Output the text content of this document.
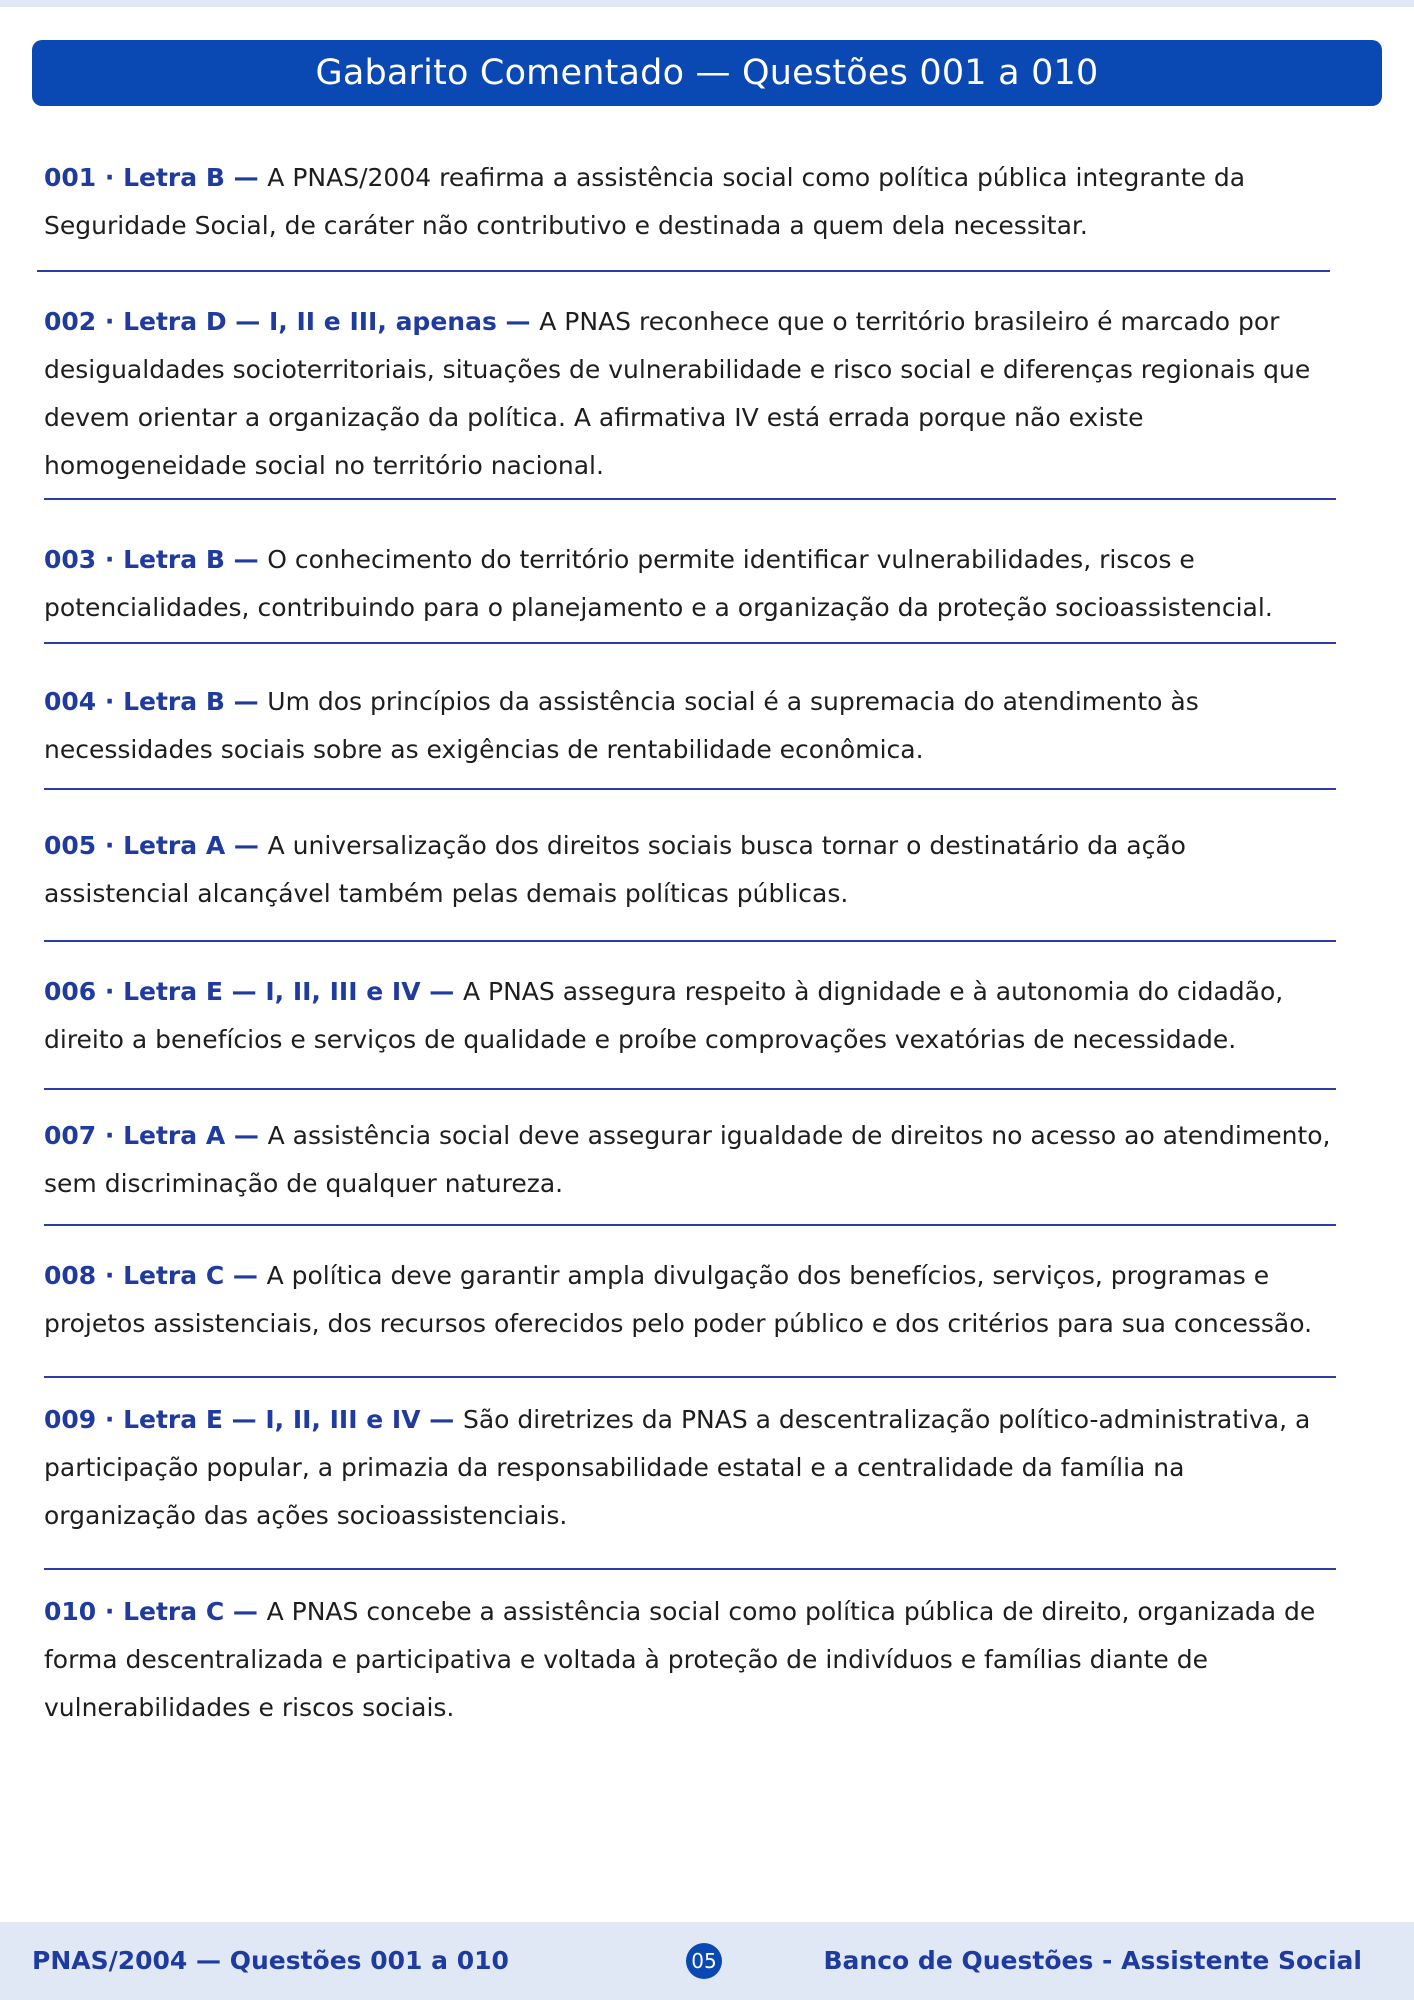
Gabarito Comentado — Questões 001 a 010
001 · Letra B — A PNAS/2004 reafirma a assistência social como política pública integrante da Seguridade Social, de caráter não contributivo e destinada a quem dela necessitar.
002 · Letra D — I, II e III, apenas — A PNAS reconhece que o território brasileiro é marcado por desigualdades socioterritoriais, situações de vulnerabilidade e risco social e diferenças regionais que devem orientar a organização da política. A afirmativa IV está errada porque não existe homogeneidade social no território nacional.
003 · Letra B — O conhecimento do território permite identificar vulnerabilidades, riscos e potencialidades, contribuindo para o planejamento e a organização da proteção socioassistencial.
004 · Letra B — Um dos princípios da assistência social é a supremacia do atendimento às necessidades sociais sobre as exigências de rentabilidade econômica.
005 · Letra A — A universalização dos direitos sociais busca tornar o destinatário da ação assistencial alcançável também pelas demais políticas públicas.
006 · Letra E — I, II, III e IV — A PNAS assegura respeito à dignidade e à autonomia do cidadão, direito a benefícios e serviços de qualidade e proíbe comprovações vexatórias de necessidade.
007 · Letra A — A assistência social deve assegurar igualdade de direitos no acesso ao atendimento, sem discriminação de qualquer natureza.
008 · Letra C — A política deve garantir ampla divulgação dos benefícios, serviços, programas e projetos assistenciais, dos recursos oferecidos pelo poder público e dos critérios para sua concessão.
009 · Letra E — I, II, III e IV — São diretrizes da PNAS a descentralização político-administrativa, a participação popular, a primazia da responsabilidade estatal e a centralidade da família na organização das ações socioassistenciais.
010 · Letra C — A PNAS concebe a assistência social como política pública de direito, organizada de forma descentralizada e participativa e voltada à proteção de indivíduos e famílias diante de vulnerabilidades e riscos sociais.
PNAS/2004 — Questões 001 a 010	05	Banco de Questões - Assistente Social
